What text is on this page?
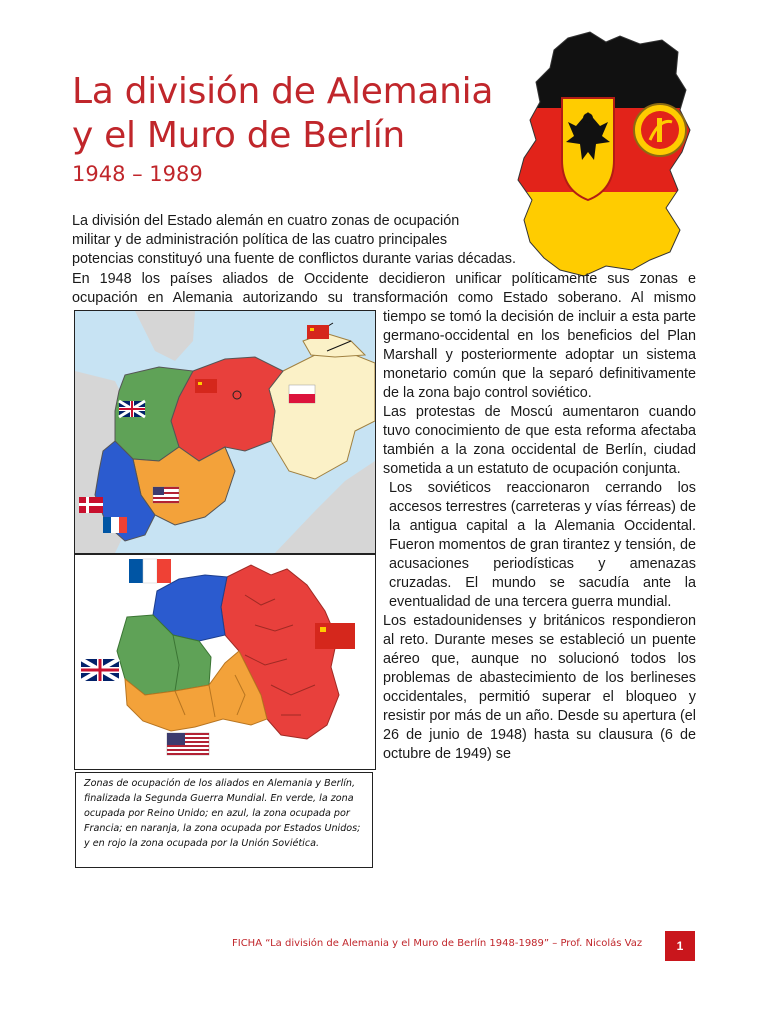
La división de Alemania
y el Muro de Berlín
1948 – 1989
La división del Estado alemán en cuatro zonas de ocupación
militar y de administración política de las cuatro principales
potencias constituyó una fuente de conflictos durante varias décadas.
En 1948 los países aliados de Occidente decidieron unificar políticamente sus zonas e
ocupación en Alemania autorizando su transformación como Estado soberano. Al mismo
Zonas de ocupación de los aliados en Alemania y Berlín, finalizada la Segunda Guerra Mundial. En verde, la zona ocupada por Reino Unido; en azul, la zona ocupada por Francia; en naranja, la zona ocupada por Estados Unidos; y en rojo la zona ocupada por la Unión Soviética.

tiempo se tomó la decisión de incluir a esta parte germano-occidental en los beneficios del Plan Marshall y posteriormente adoptar un sistema monetario común que la separó definitivamente de la zona bajo control soviético.

Las protestas de Moscú aumentaron cuando tuvo conocimiento de que esta reforma afectaba también a la zona occidental de Berlín, ciudad sometida a un estatuto de ocupación conjunta.

Los soviéticos reaccionaron cerrando los accesos terrestres (carreteras y vías férreas) de la antigua capital a la Alemania Occidental. Fueron momentos de gran tirantez y tensión, de acusaciones periodísticas y amenazas cruzadas. El mundo se sacudía ante la eventualidad de una tercera guerra mundial.

Los estadounidenses y británicos respondieron al reto. Durante meses se estableció un puente aéreo que, aunque no solucionó todos los problemas de abastecimiento de los berlineses occidentales, permitió superar el bloqueo y resistir por más de un año. Desde su apertura (el 26 de junio de 1948) hasta su clausura (6 de octubre de 1949) se

FICHA “La división de Alemania y el Muro de Berlín 1948-1989” – Prof. Nicolás Vaz	1
